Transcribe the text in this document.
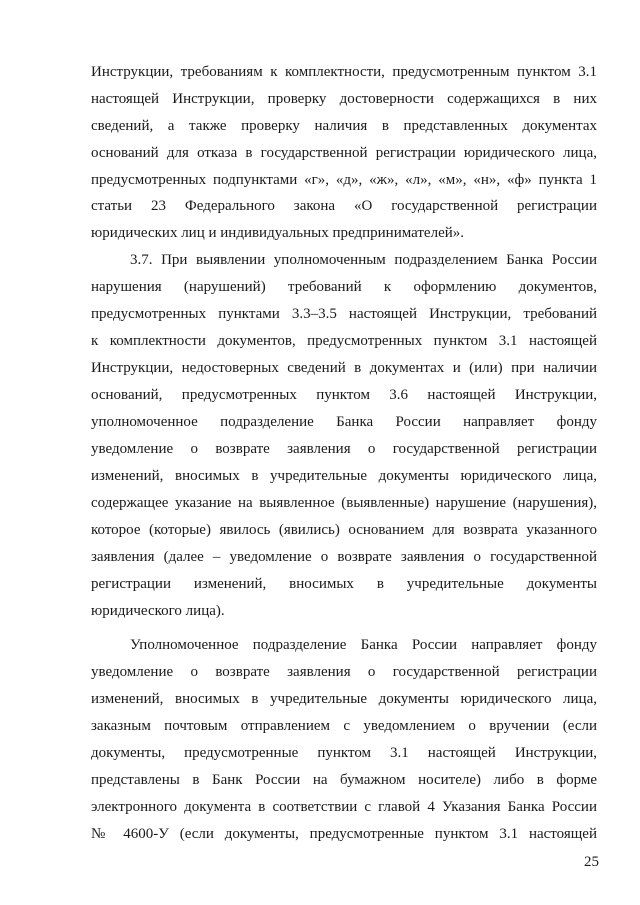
Инструкции, требованиям к комплектности, предусмотренным пунктом 3.1
настоящей Инструкции, проверку достоверности содержащихся в них
сведений, а также проверку наличия в представленных документах
оснований для отказа в государственной регистрации юридического лица,
предусмотренных подпунктами «г», «д», «ж», «л», «м», «н», «ф» пункта 1
статьи 23 Федерального закона «О государственной регистрации
юридических лиц и индивидуальных предпринимателей».
3.7. При выявлении уполномоченным подразделением Банка России
нарушения (нарушений) требований к оформлению документов,
предусмотренных пунктами 3.3–3.5 настоящей Инструкции, требований
к комплектности документов, предусмотренных пунктом 3.1 настоящей
Инструкции, недостоверных сведений в документах и (или) при наличии
оснований, предусмотренных пунктом 3.6 настоящей Инструкции,
уполномоченное подразделение Банка России направляет фонду
уведомление о возврате заявления о государственной регистрации
изменений, вносимых в учредительные документы юридического лица,
содержащее указание на выявленное (выявленные) нарушение (нарушения),
которое (которые) явилось (явились) основанием для возврата указанного
заявления (далее – уведомление о возврате заявления о государственной
регистрации изменений, вносимых в учредительные документы
юридического лица).
Уполномоченное подразделение Банка России направляет фонду
уведомление о возврате заявления о государственной регистрации
изменений, вносимых в учредительные документы юридического лица,
заказным почтовым отправлением с уведомлением о вручении (если
документы, предусмотренные пунктом 3.1 настоящей Инструкции,
представлены в Банк России на бумажном носителе) либо в форме
электронного документа в соответствии с главой 4 Указания Банка России
№ 4600-У (если документы, предусмотренные пунктом 3.1 настоящей
25
